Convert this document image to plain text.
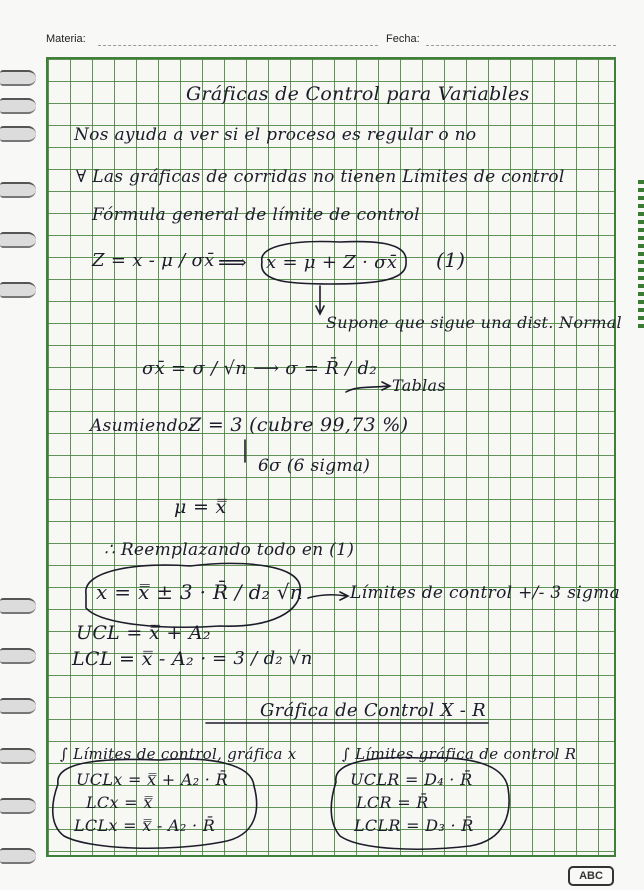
Materia:	Fecha:
Gráficas de Control para Variables
Nos ayuda a ver si el proceso es regular o no
∀ Las gráficas de corridas no tienen Límites de control
Fórmula general de límite de control
Z = x - μ / σx̄ ⟹ x = μ + Z · σx̄ (1)
Supone que sigue una dist. Normal
σx̄ = σ / √n ⟶ σ = R̄ / d₂
Tablas
Asumiendo:
Z = 3 (cubre 99,73 %)
6σ (6 sigma)
μ = x̿
∴ Reemplazando todo en (1)
x = x̿ ± 3 · R̄ / d₂ √n	Límites de control +/- 3 sigma
UCL = x̿ + A₂
LCL = x̿ - A₂ · = 3 / d₂ √n
Gráfica de Control X - R
∫ Límites de control, gráfica x
UCLx = x̿ + A₂ · R̄
LCx = x̿
LCLx = x̿ - A₂ · R̄
∫ Límites gráfica de control R
UCLR = D₄ · R̄
LCR = R̄
LCLR = D₃ · R̄
ABC
